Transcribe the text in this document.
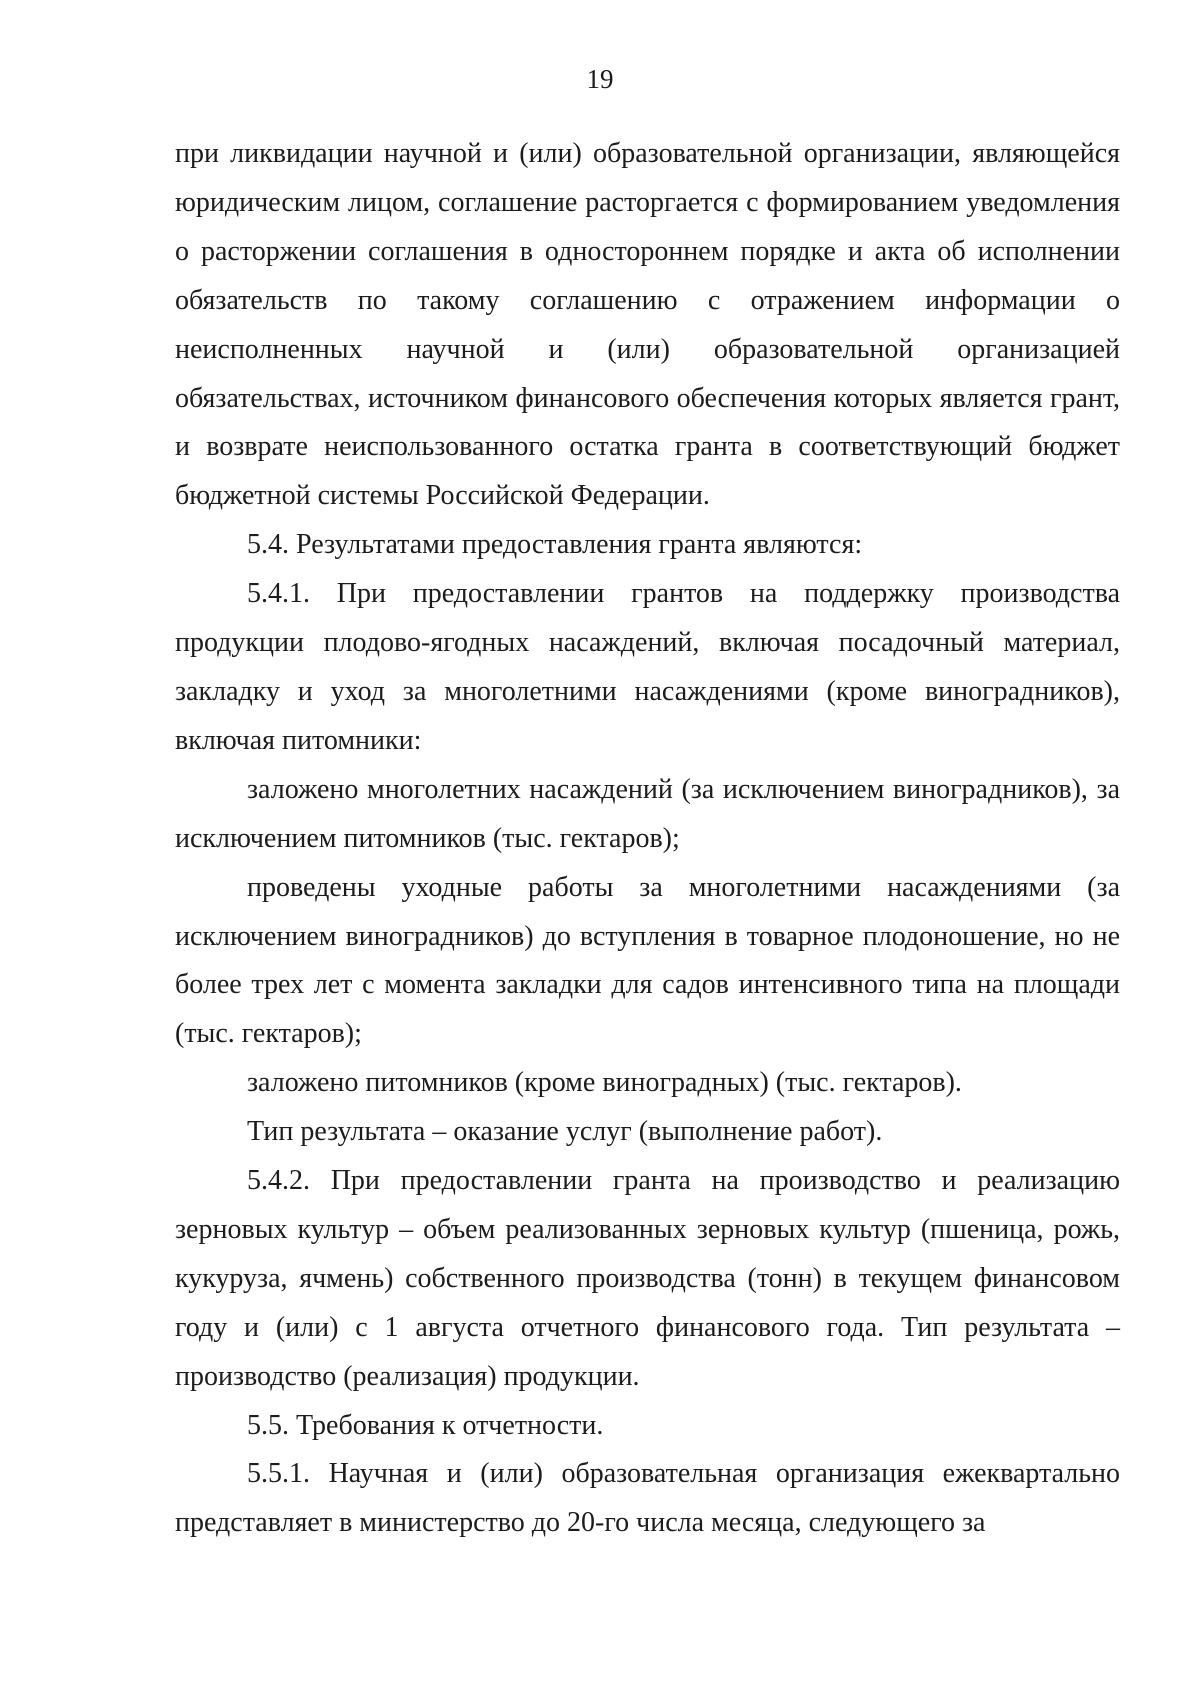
19

при ликвидации научной и (или) образовательной организации, являющейся юридическим лицом, соглашение расторгается с формированием уведомления о расторжении соглашения в одностороннем порядке и акта об исполнении обязательств по такому соглашению с отражением информации о неисполненных научной и (или) образовательной организацией обязательствах, источником финансового обеспечения которых является грант, и возврате неиспользованного остатка гранта в соответствующий бюджет бюджетной системы Российской Федерации.

5.4. Результатами предоставления гранта являются:

5.4.1. При предоставлении грантов на поддержку производства продукции плодово-ягодных насаждений, включая посадочный материал, закладку и уход за многолетними насаждениями (кроме виноградников), включая питомники:

заложено многолетних насаждений (за исключением виноградников), за исключением питомников (тыс. гектаров);

проведены уходные работы за многолетними насаждениями (за исключением виноградников) до вступления в товарное плодоношение, но не более трех лет с момента закладки для садов интенсивного типа на площади (тыс. гектаров);

заложено питомников (кроме виноградных) (тыс. гектаров).

Тип результата – оказание услуг (выполнение работ).

5.4.2. При предоставлении гранта на производство и реализацию зерновых культур – объем реализованных зерновых культур (пшеница, рожь, кукуруза, ячмень) собственного производства (тонн) в текущем финансовом году и (или) с 1 августа отчетного финансового года. Тип результата – производство (реализация) продукции.

5.5. Требования к отчетности.

5.5.1. Научная и (или) образовательная организация ежеквартально представляет в министерство до 20-го числа месяца, следующего за
